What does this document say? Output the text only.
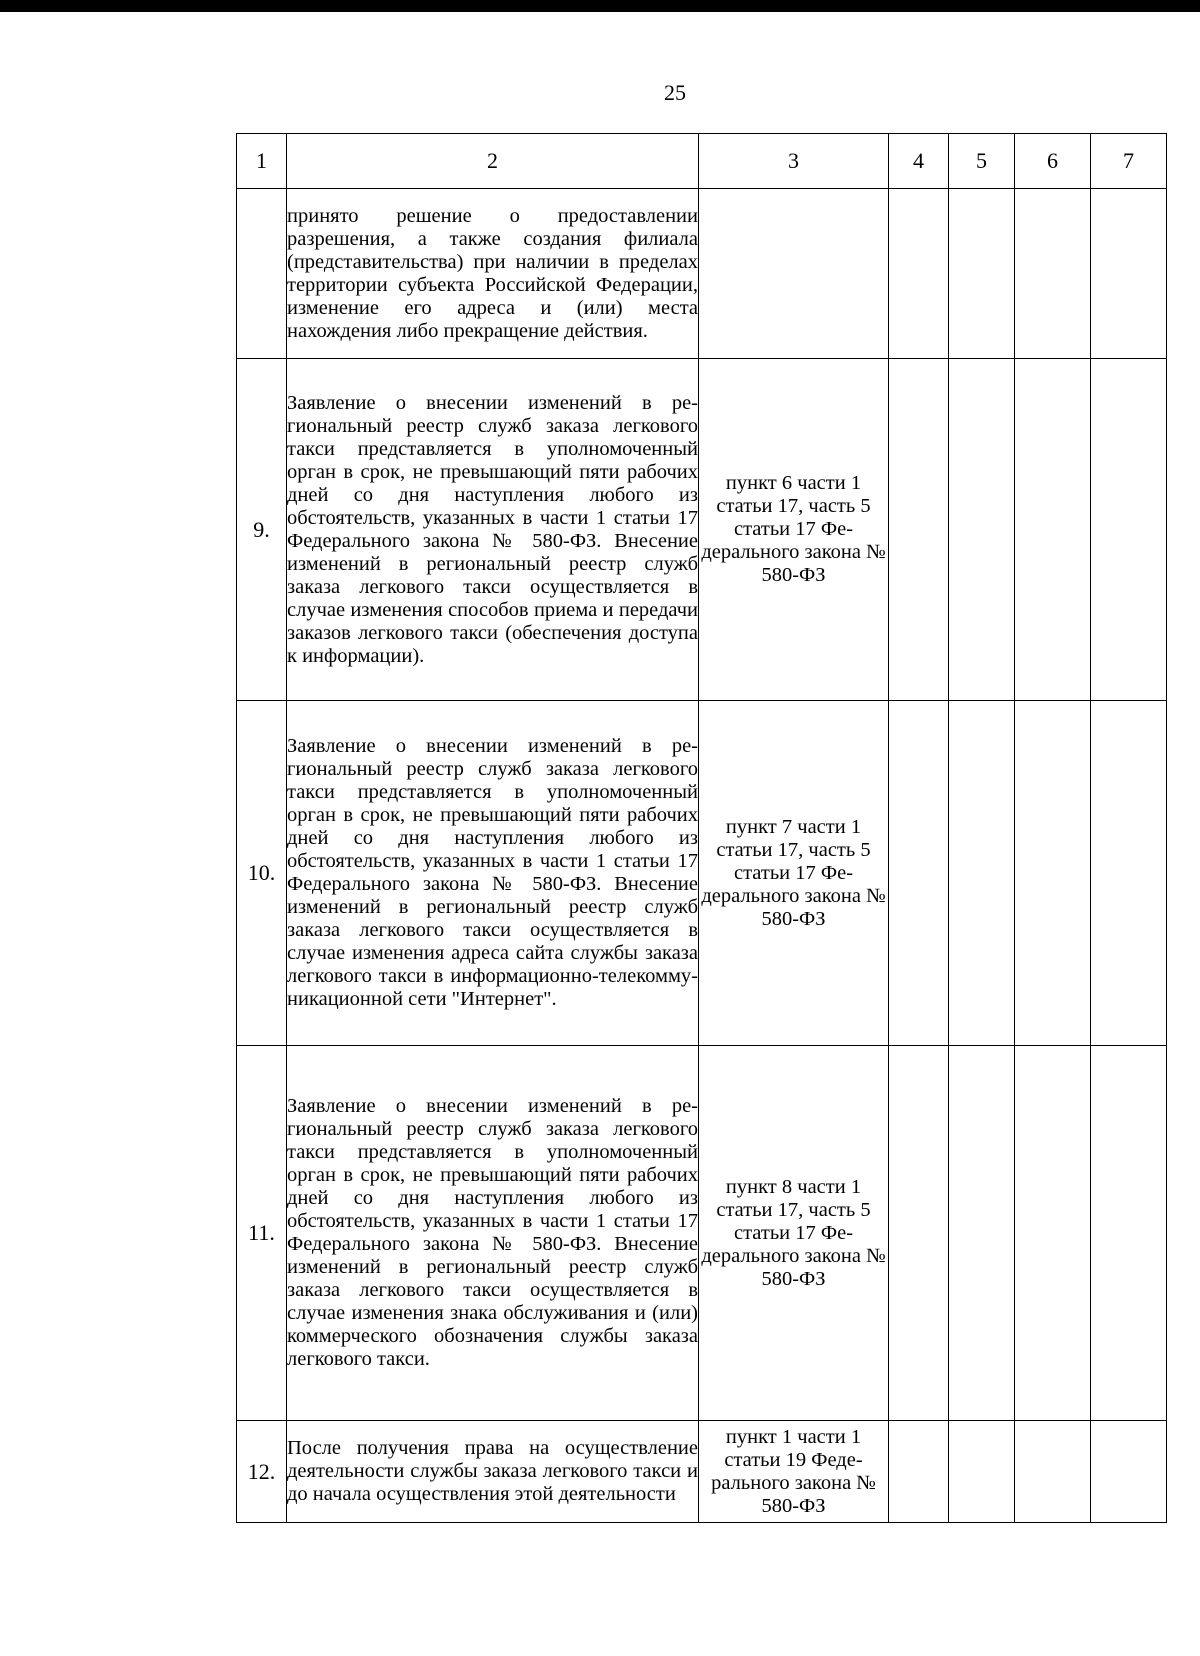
25
1	2	3	4	5	6	7
	принято решение о предоставлении разрешения, а также создания филиала (представительства) при наличии в пределах территории субъекта Российской Федерации, изменение его адреса и (или) места нахождения либо прекращение действия.					
9.	Заявление о внесении изменений в региональный реестр служб заказа легкового такси представляется в уполномоченный орган в срок, не превышающий пяти рабочих дней со дня наступления любого из обстоятельств, указанных в части 1 статьи 17 Федерального закона № 580-ФЗ. Внесение изменений в региональный реестр служб заказа легкового такси осуществляется в случае изменения способов приема и передачи заказов легкового такси (обеспечения доступа к информации).	пункт 6 части 1 статьи 17, часть 5 статьи 17 Федерального закона № 580-ФЗ				
10.	Заявление о внесении изменений в региональный реестр служб заказа легкового такси представляется в уполномоченный орган в срок, не превышающий пяти рабочих дней со дня наступления любого из обстоятельств, указанных в части 1 статьи 17 Федерального закона № 580-ФЗ. Внесение изменений в региональный реестр служб заказа легкового такси осуществляется в случае изменения адреса сайта службы заказа легкового такси в информационно-телекоммуникационной сети "Интернет".	пункт 7 части 1 статьи 17, часть 5 статьи 17 Федерального закона № 580-ФЗ				
11.	Заявление о внесении изменений в региональный реестр служб заказа легкового такси представляется в уполномоченный орган в срок, не превышающий пяти рабочих дней со дня наступления любого из обстоятельств, указанных в части 1 статьи 17 Федерального закона № 580-ФЗ. Внесение изменений в региональный реестр служб заказа легкового такси осуществляется в случае изменения знака обслуживания и (или) коммерческого обозначения службы заказа легкового такси.	пункт 8 части 1 статьи 17, часть 5 статьи 17 Федерального закона № 580-ФЗ				
12.	После получения права на осуществление деятельности службы заказа легкового такси и до начала осуществления этой деятельности	пункт 1 части 1 статьи 19 Федерального закона № 580-ФЗ				
